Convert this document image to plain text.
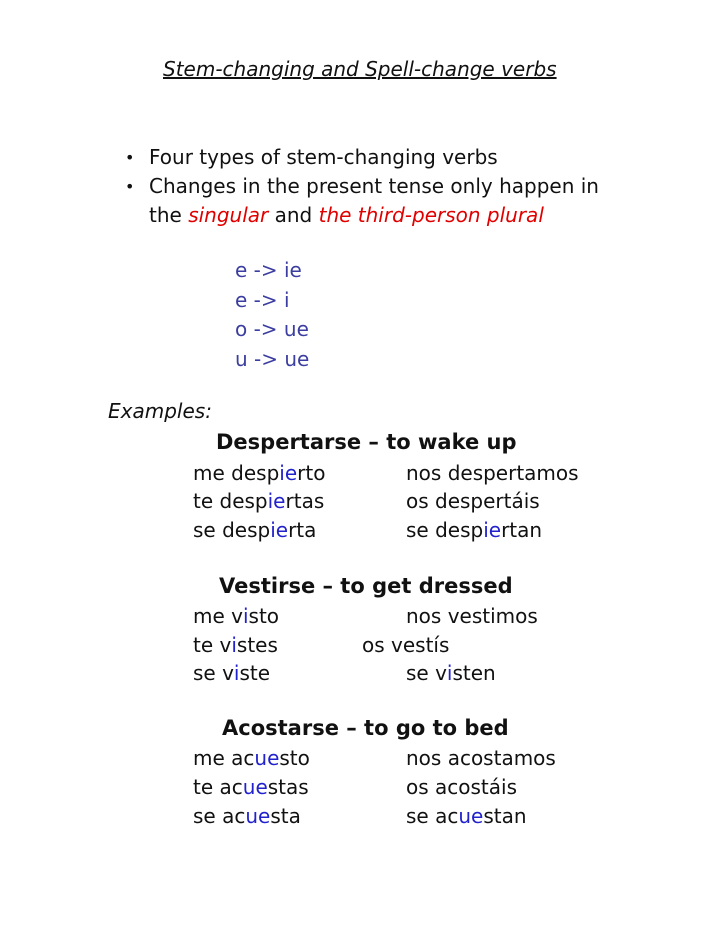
Stem-changing and Spell-change verbs
• Four types of stem-changing verbs
• Changes in the present tense only happen in
the singular and the third-person plural
e -> ie
e -> i
o -> ue
u -> ue
Examples:
Despertarse – to wake up
me despierto	nos despertamos
te despiertas	os despertáis
se despierta	se despiertan
Vestirse – to get dressed
me visto	nos vestimos
te vistes	os vestís
se viste	se visten
Acostarse – to go to bed
me acuesto	nos acostamos
te acuestas	os acostáis
se acuesta	se acuestan
